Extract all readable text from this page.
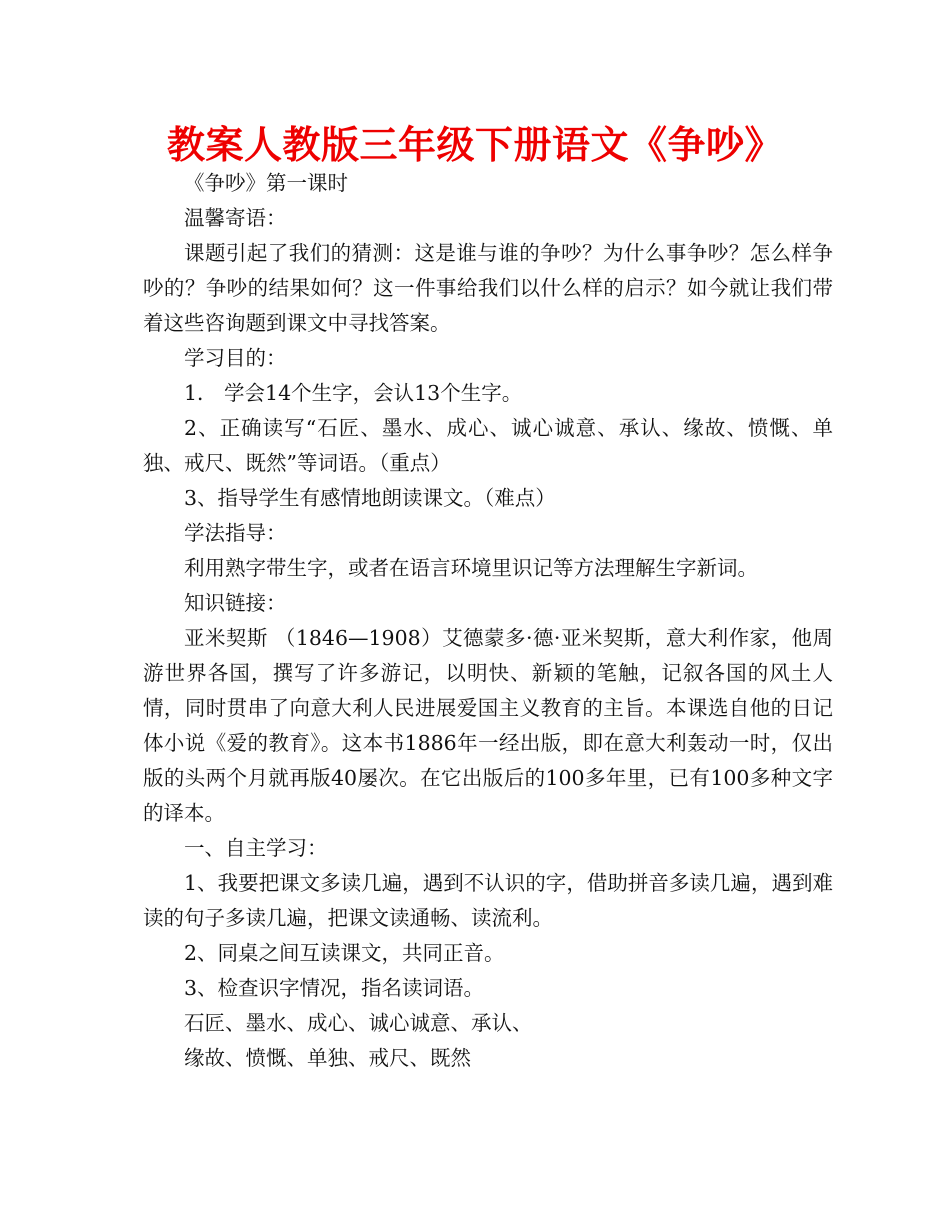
教案人教版三年级下册语文《争吵》

《争吵》第一课时

温馨寄语：

课题引起了我们的猜测：这是谁与谁的争吵？为什么事争吵？怎么样争吵的？争吵的结果如何？这一件事给我们以什么样的启示？如今就让我们带着这些咨询题到课文中寻找答案。

学习目的：

1． 学会14个生字，会认13个生字。

2、正确读写“石匠、墨水、成心、诚心诚意、承认、缘故、愤慨、单独、戒尺、既然”等词语。（重点）

3、指导学生有感情地朗读课文。（难点）

学法指导：

利用熟字带生字，或者在语言环境里识记等方法理解生字新词。

知识链接：

亚米契斯 （1846—1908）艾德蒙多·德·亚米契斯，意大利作家，他周游世界各国，撰写了许多游记，以明快、新颖的笔触，记叙各国的风土人情，同时贯串了向意大利人民进展爱国主义教育的主旨。本课选自他的日记体小说《爱的教育》。这本书1886年一经出版，即在意大利轰动一时，仅出版的头两个月就再版40屡次。在它出版后的100多年里，已有100多种文字的译本。

一、自主学习：

1、我要把课文多读几遍，遇到不认识的字，借助拼音多读几遍，遇到难读的句子多读几遍，把课文读通畅、读流利。

2、同桌之间互读课文，共同正音。

3、检查识字情况，指名读词语。

石匠、墨水、成心、诚心诚意、承认、

缘故、愤慨、单独、戒尺、既然
